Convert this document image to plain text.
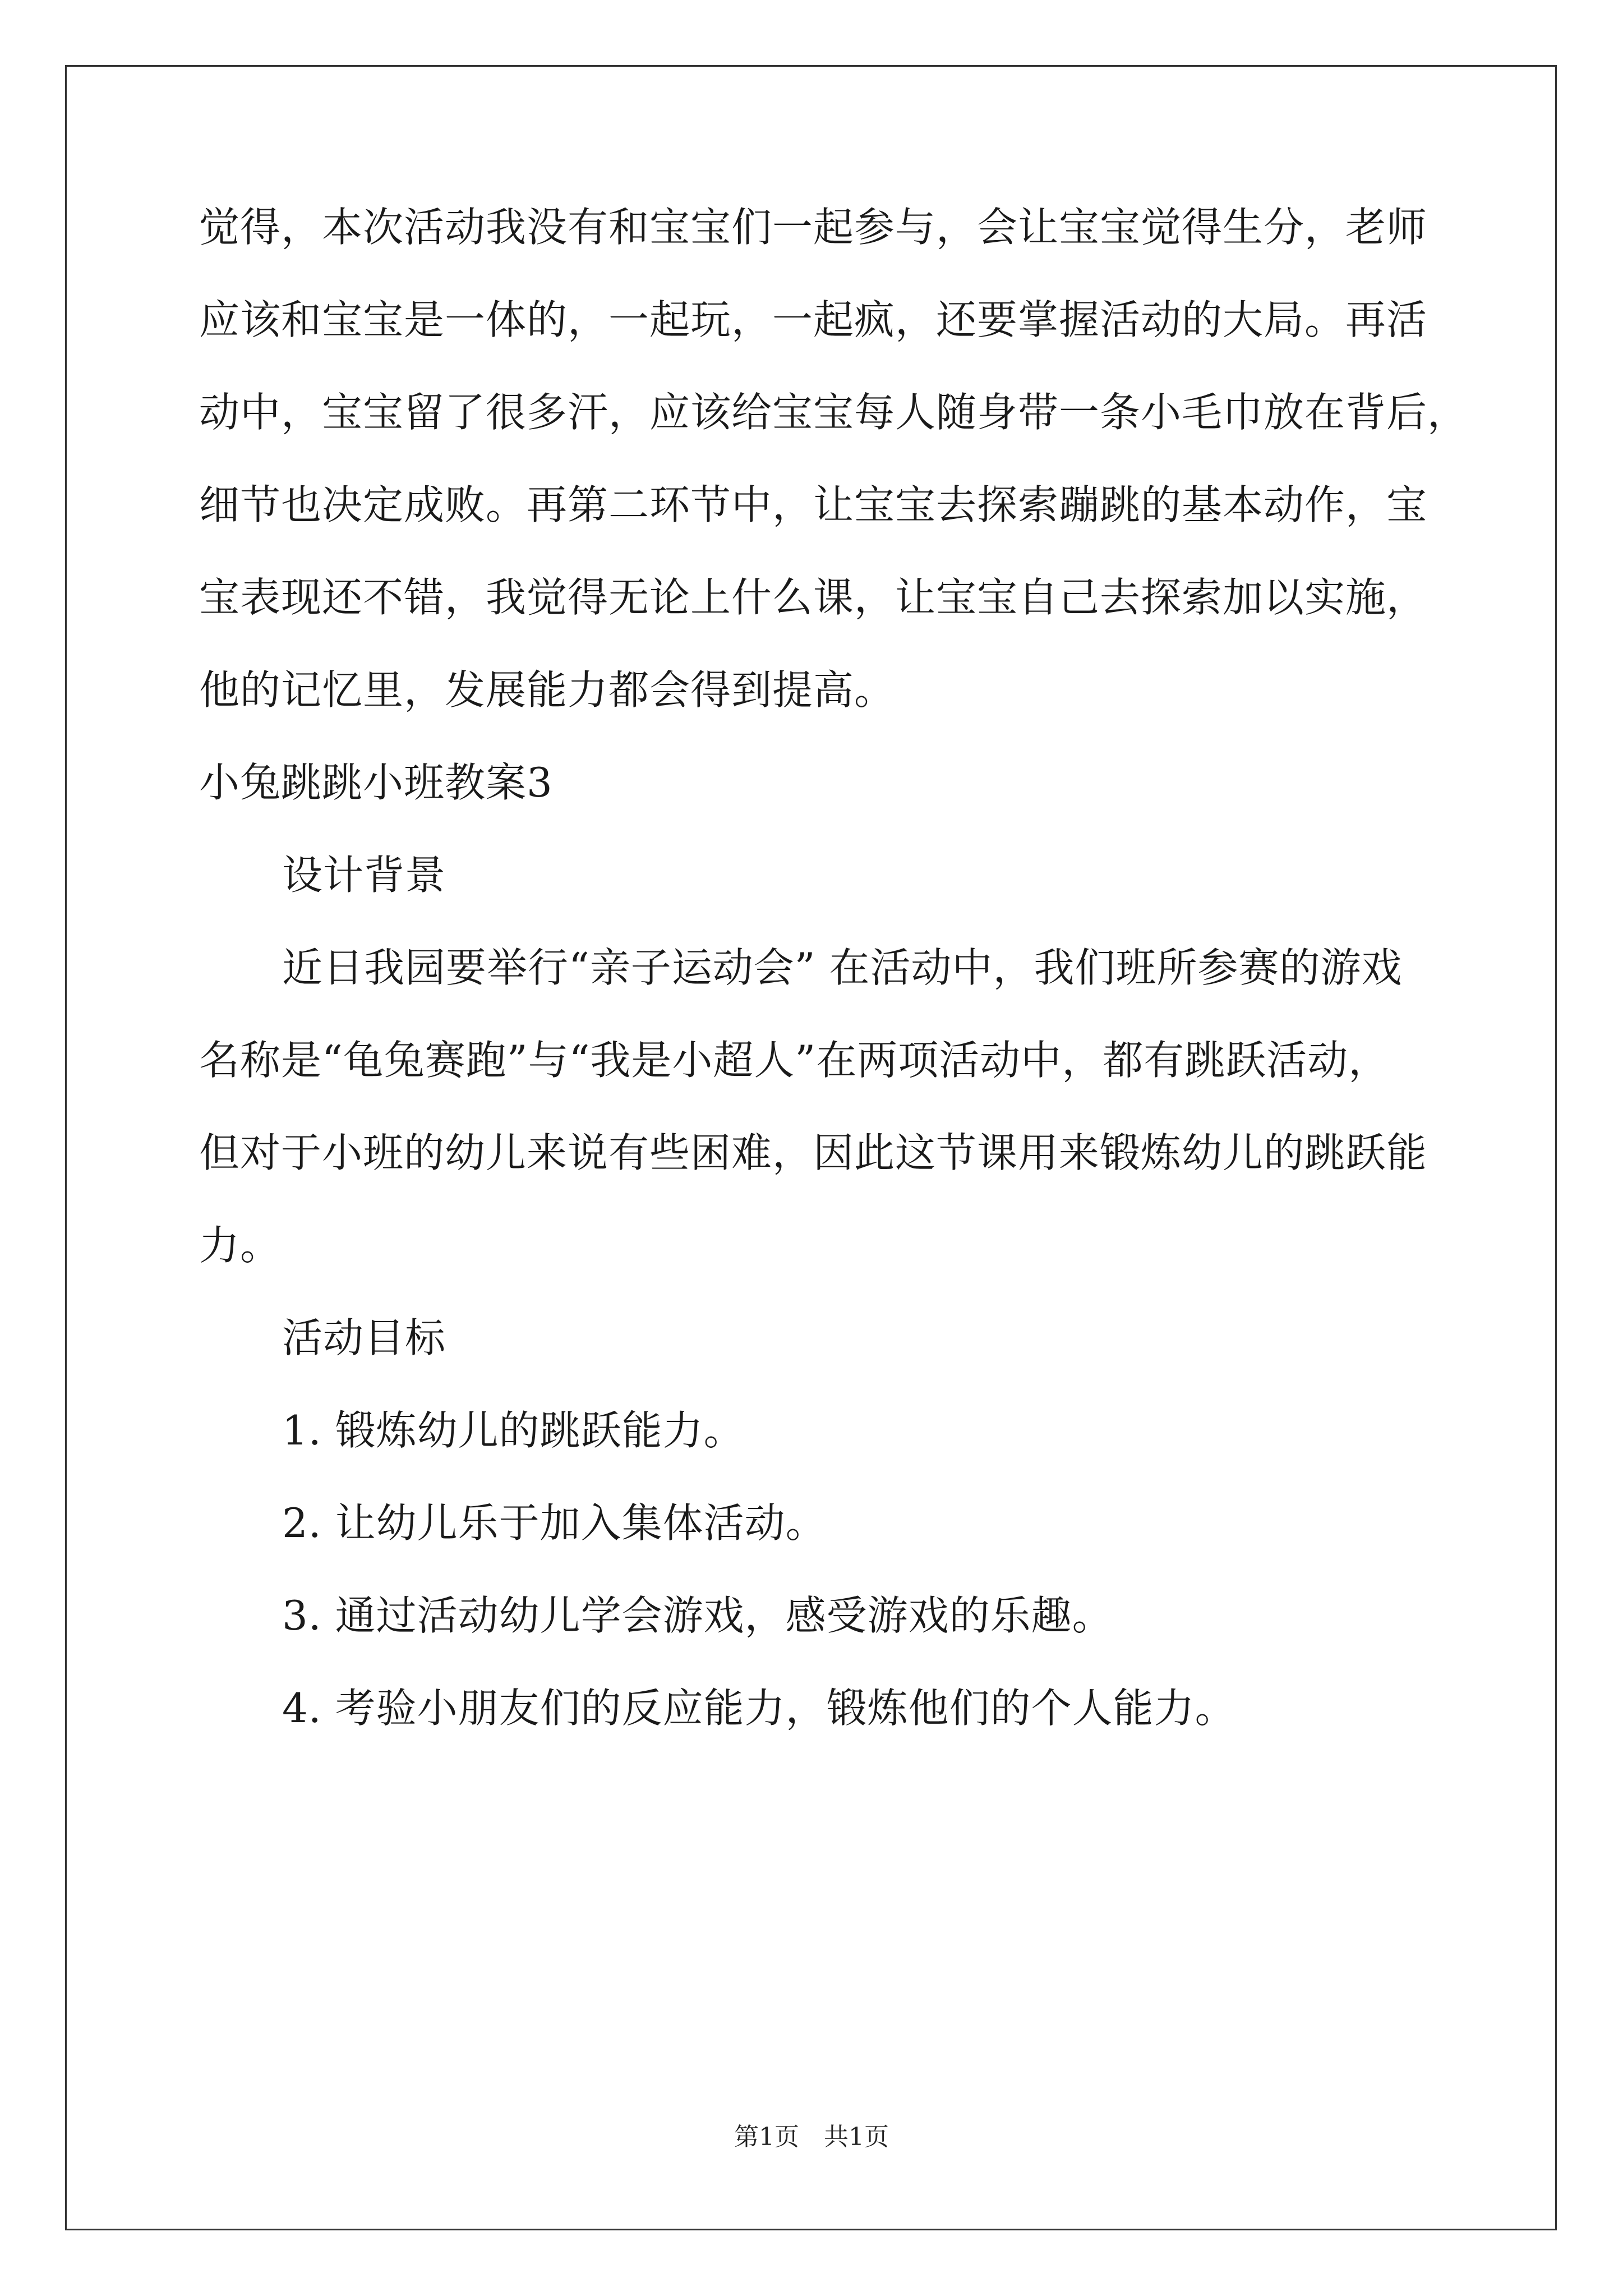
觉得，本次活动我没有和宝宝们一起参与，会让宝宝觉得生分，老师
应该和宝宝是一体的，一起玩，一起疯，还要掌握活动的大局。再活
动中，宝宝留了很多汗，应该给宝宝每人随身带一条小毛巾放在背后，
细节也决定成败。再第二环节中，让宝宝去探索蹦跳的基本动作，宝
宝表现还不错，我觉得无论上什么课，让宝宝自己去探索加以实施，
他的记忆里，发展能力都会得到提高。
小兔跳跳小班教案3
设计背景
近日我园要举行“亲子运动会” 在活动中，我们班所参赛的游戏
名称是“龟兔赛跑”与“我是小超人”在两项活动中，都有跳跃活动，
但对于小班的幼儿来说有些困难，因此这节课用来锻炼幼儿的跳跃能
力。
活动目标
1. 锻炼幼儿的跳跃能力。
2. 让幼儿乐于加入集体活动。
3. 通过活动幼儿学会游戏，感受游戏的乐趣。
4. 考验小朋友们的反应能力，锻炼他们的个人能力。
第1页　共1页
